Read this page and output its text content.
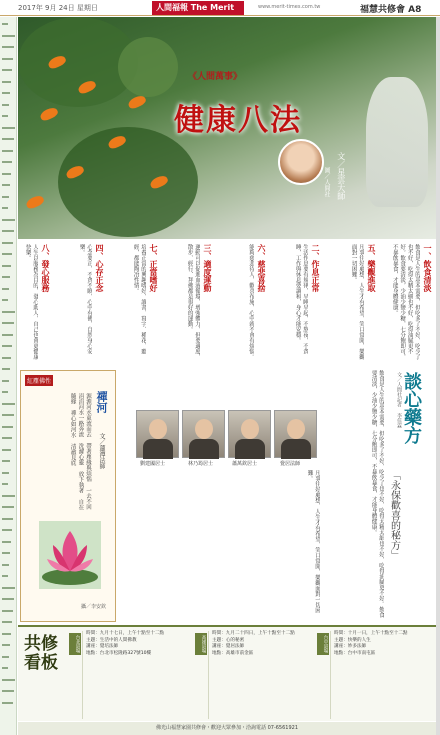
2017年 9月 24日 星期日	人間福報 The Merit	www.merit-times.com.tw	福慧共修會 A8
《人間萬事》
健康八法
文／星雲大師
圖／人間社
一、飲食清淡
飲食是人生的基本需要，但吃多了不好，吃少了也不好，吃得太精太細也不好，吃得油膩更不好。飲食要清淡，少油少鹽少糖，七分飽即可，不暴飲暴食，才能身體健康。
五、樂觀進取
凡事往好處想，人生才有希望，笑口常開，樂觀面對一切困難。
二、作息正常
生活作息要有規律，早睡早起，不熬夜，不貪睡，工作與休息要調和，身心才能安穩。
六、慈悲喜捨
能夠慈悲待人，歡喜布施，心中就不會有煩惱。
三、適度運動
運動可以促進血液循環，增強體力，但要適度，散步、經行、拜佛都是很好的運動。
七、正當嗜好
培養正當的興趣嗜好，讀書、寫字、種花、聽經，都能陶冶性情。
四、心存正念
心念要正，不貪不瞋，心中有佛，自然身心安樂。
八、發心服務
人生以服務為目的，發心助人，自己也會更健康快樂。
紅塵佛性
禪河
文／蓮潭法師
源源河水東流而去 帶著塵緣與煩惱 一去不回 涓涓河水一路奔流 洗滌心靈 放下執著 自在隨緣 禪心如河水 清澈見底
攝／李安欽
劉建國居士	林乃筠居士	蕭萬欽居士	覺居法師
凡事往好處想，人生才有希望，笑口常開，樂觀面對一切困難。	飲食是人生的基本需要，但吃多了不好，吃少了也不好，吃得太精太細也不好，吃得油膩更不好。飲食要清淡，少油少鹽少糖，七分飽即可，不暴飲暴食，才能身體健康。	談心藥方
「永保歡喜的秘方」
文／人間社記者 李佳霖
共修看板
台北道場
時間：九月十七日，上午十點至十二點
主題：生活中的人間佛教
講座：覺培法師
地點：台北市松隆路327號10樓
高雄道場
時間：九月二十四日，上午十點至十二點
主題：心的秘密
講座：覺居法師
地點：高雄市前金區
台中道場
時間：十月一日，上午十點至十二點
主題：快樂的人生
講座：妙多法師
地點：台中市南屯區
佛光山福慧家園共修會・歡迎大眾參加・洽詢電話 07-6561921
